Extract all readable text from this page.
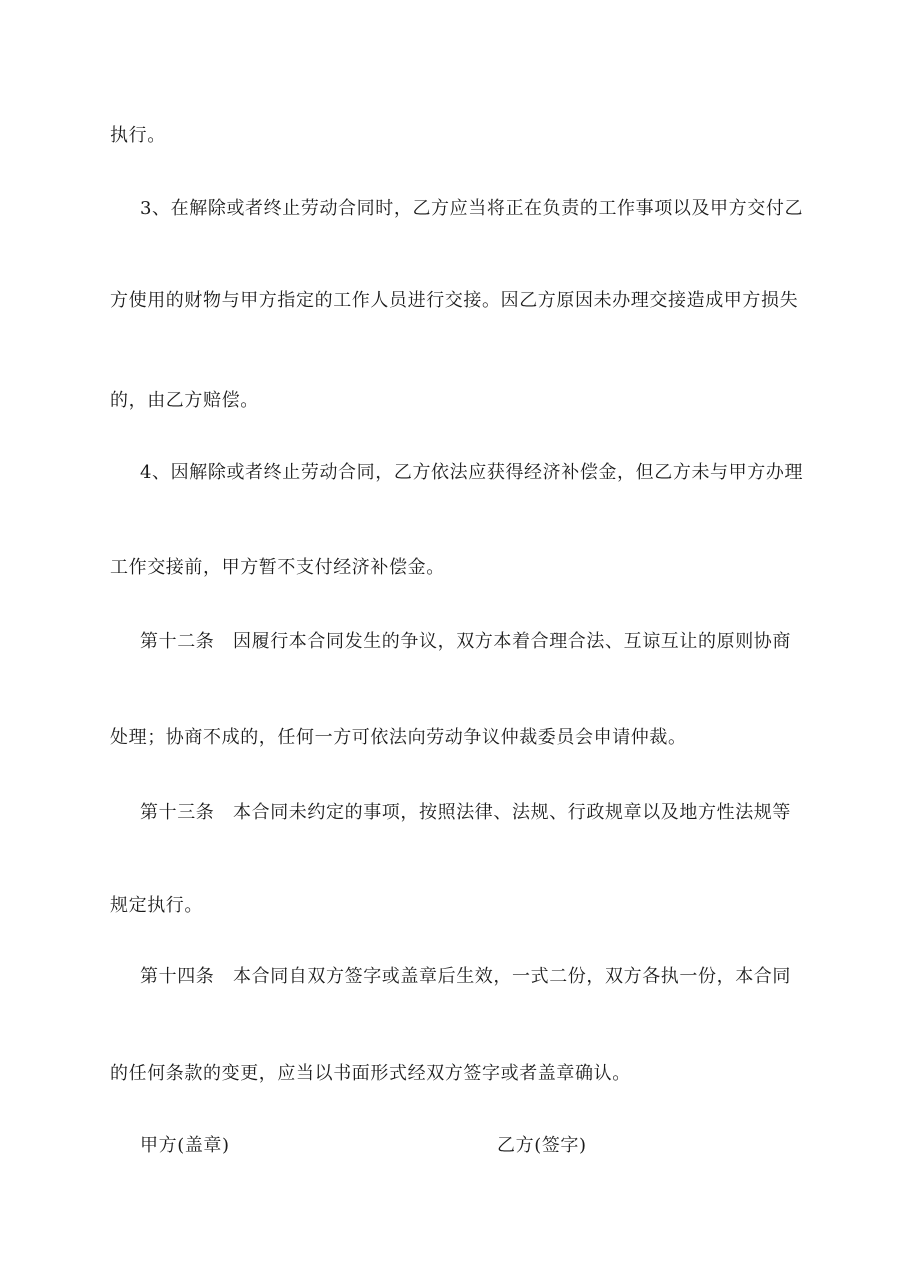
执行。
3、在解除或者终止劳动合同时，乙方应当将正在负责的工作事项以及甲方交付乙
方使用的财物与甲方指定的工作人员进行交接。因乙方原因未办理交接造成甲方损失
的，由乙方赔偿。
4、因解除或者终止劳动合同，乙方依法应获得经济补偿金，但乙方未与甲方办理
工作交接前，甲方暂不支付经济补偿金。
第十二条　因履行本合同发生的争议，双方本着合理合法、互谅互让的原则协商
处理；协商不成的，任何一方可依法向劳动争议仲裁委员会申请仲裁。
第十三条　本合同未约定的事项，按照法律、法规、行政规章以及地方性法规等
规定执行。
第十四条　本合同自双方签字或盖章后生效，一式二份，双方各执一份，本合同
的任何条款的变更，应当以书面形式经双方签字或者盖章确认。
甲方(盖章)	乙方(签字)
